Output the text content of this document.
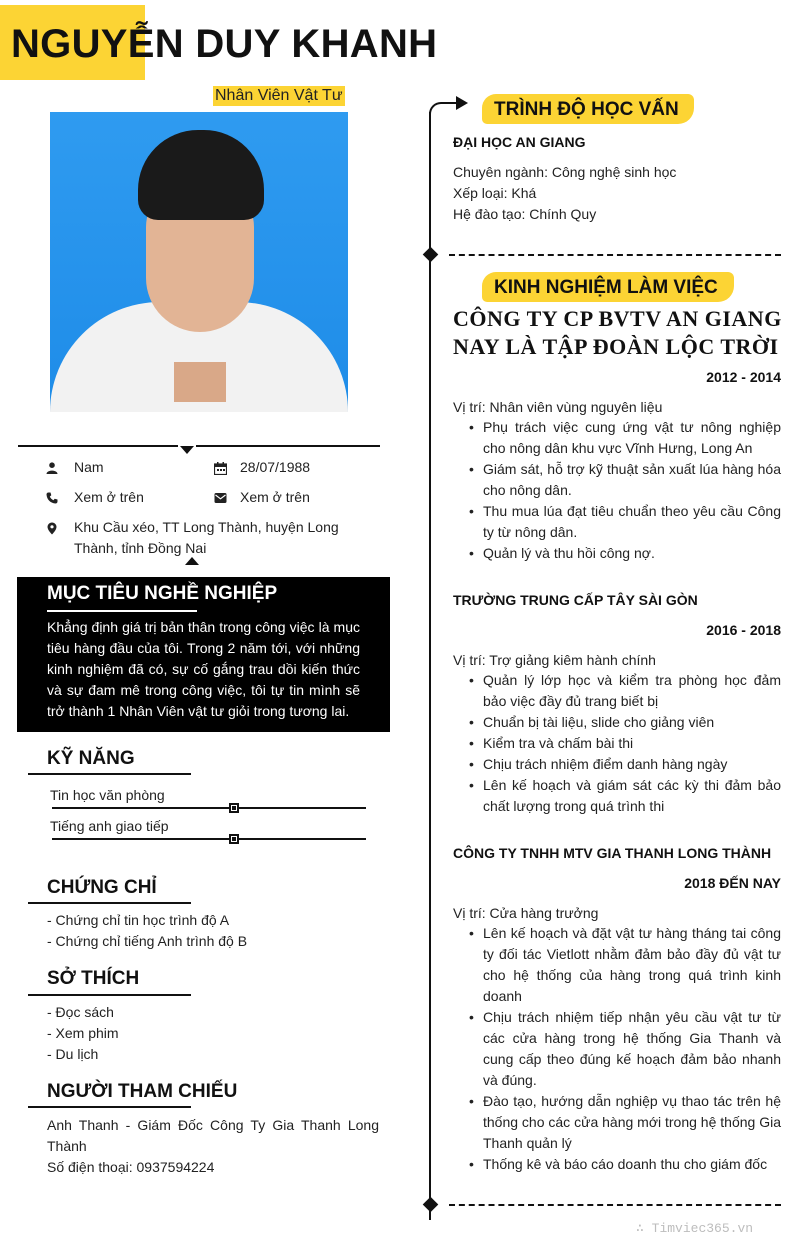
NGUYỄN DUY KHANH
Nhân Viên Vật Tư
Nam	28/07/1988
Xem ở trên	Xem ở trên
Khu Cầu xéo, TT Long Thành, huyện Long Thành, tỉnh Đồng Nai
MỤC TIÊU NGHỀ NGHIỆP
Khẳng định giá trị bản thân trong công việc là mục tiêu hàng đầu của tôi. Trong 2 năm tới, với những kinh nghiệm đã có, sự cố gắng trau dồi kiến thức và sự đam mê trong công việc, tôi tự tin mình sẽ trở thành 1 Nhân Viên vật tư giỏi trong tương lai.
KỸ NĂNG
Tin học văn phòng
Tiếng anh giao tiếp
CHỨNG CHỈ
- Chứng chỉ tin học trình độ A
- Chứng chỉ tiếng Anh trình độ B
SỞ THÍCH
- Đọc sách
- Xem phim
- Du lịch
NGƯỜI THAM CHIẾU
Anh Thanh - Giám Đốc Công Ty Gia Thanh Long Thành
Số điện thoại: 0937594224
TRÌNH ĐỘ HỌC VẤN
ĐẠI HỌC AN GIANG
Chuyên ngành: Công nghệ sinh học
Xếp loại: Khá
Hệ đào tạo: Chính Quy
KINH NGHIỆM LÀM VIỆC
CÔNG TY CP BVTV AN GIANG NAY LÀ TẬP ĐOÀN LỘC TRỜI
2012 - 2014
Vị trí: Nhân viên vùng nguyên liệu
• Phụ trách việc cung ứng vật tư nông nghiệp cho nông dân khu vực Vĩnh Hưng, Long An
• Giám sát, hỗ trợ kỹ thuật sản xuất lúa hàng hóa cho nông dân.
• Thu mua lúa đạt tiêu chuẩn theo yêu cầu Công ty từ nông dân.
• Quản lý và thu hồi công nợ.
TRƯỜNG TRUNG CẤP TÂY SÀI GÒN
2016 - 2018
Vị trí: Trợ giảng kiêm hành chính
• Quản lý lớp học và kiểm tra phòng học đảm bảo việc đầy đủ trang biết bị
• Chuẩn bị tài liệu, slide cho giảng viên
• Kiểm tra và chấm bài thi
• Chịu trách nhiệm điểm danh hàng ngày
• Lên kế hoạch và giám sát các kỳ thi đảm bảo chất lượng trong quá trình thi
CÔNG TY TNHH MTV GIA THANH LONG THÀNH
2018 ĐẾN NAY
Vị trí: Cửa hàng trưởng
• Lên kế hoạch và đặt vật tư hàng tháng tai công ty đối tác Vietlott nhằm đảm bảo đầy đủ vật tư cho hệ thống của hàng trong quá trình kinh doanh
• Chịu trách nhiệm tiếp nhận yêu cầu vật tư từ các cửa hàng trong hệ thống Gia Thanh và cung cấp theo đúng kế hoạch đảm bảo nhanh và đúng.
• Đào tạo, hướng dẫn nghiệp vụ thao tác trên hệ thống cho các cửa hàng mới trong hệ thống Gia Thanh quản lý
• Thống kê và báo cáo doanh thu cho giám đốc
∴ Timviec365.vn
